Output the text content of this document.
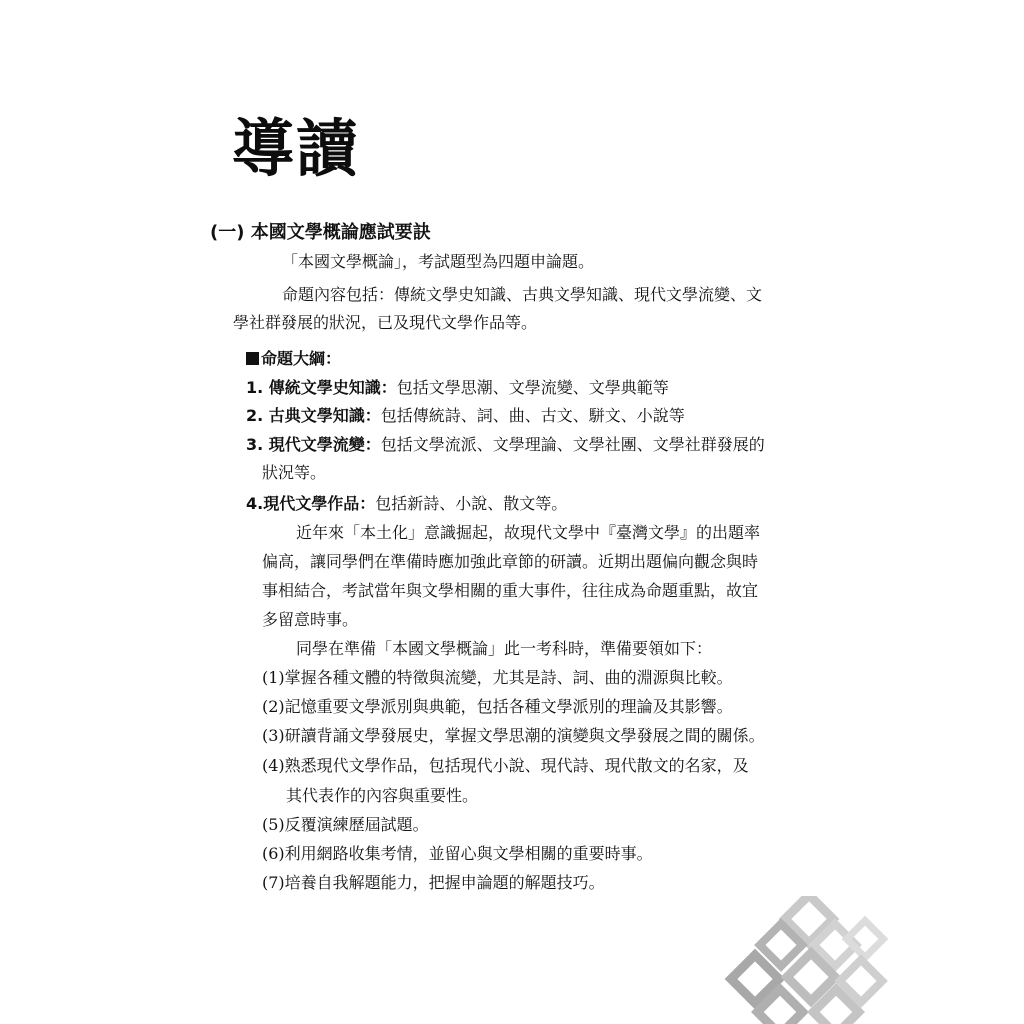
導讀
(一) 本國文學概論應試要訣
「本國文學概論」，考試題型為四題申論題。
命題內容包括：傳統文學史知識、古典文學知識、現代文學流變、文
學社群發展的狀況，已及現代文學作品等。
命題大綱：
1. 傳統文學史知識：包括文學思潮、文學流變、文學典範等
2. 古典文學知識：包括傳統詩、詞、曲、古文、駢文、小說等
3. 現代文學流變：包括文學流派、文學理論、文學社團、文學社群發展的
狀況等。
4.現代文學作品：包括新詩、小說、散文等。
近年來「本土化」意識掘起，故現代文學中『臺灣文學』的出題率
偏高，讓同學們在準備時應加強此章節的研讀。近期出題偏向觀念與時
事相結合，考試當年與文學相關的重大事件，往往成為命題重點，故宜
多留意時事。
同學在準備「本國文學概論」此一考科時，準備要領如下：
(1)掌握各種文體的特徵與流變，尤其是詩、詞、曲的淵源與比較。
(2)記憶重要文學派別與典範，包括各種文學派別的理論及其影響。
(3)研讀背誦文學發展史，掌握文學思潮的演變與文學發展之間的關係。
(4)熟悉現代文學作品，包括現代小說、現代詩、現代散文的名家，及
其代表作的內容與重要性。
(5)反覆演練歷屆試題。
(6)利用網路收集考情，並留心與文學相關的重要時事。
(7)培養自我解題能力，把握申論題的解題技巧。
